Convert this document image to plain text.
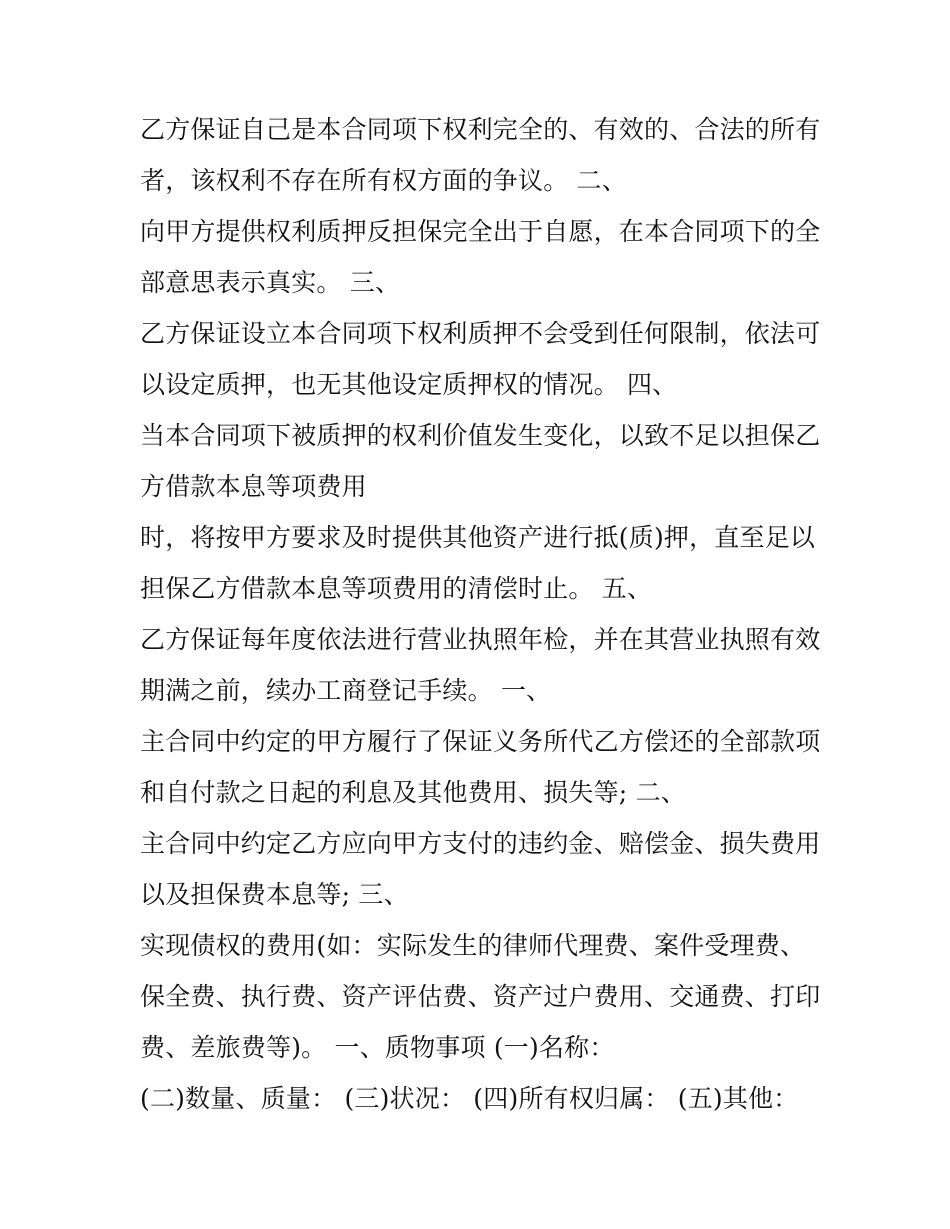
乙方保证自己是本合同项下权利完全的、有效的、合法的所有
者，该权利不存在所有权方面的争议。 二、
向甲方提供权利质押反担保完全出于自愿，在本合同项下的全
部意思表示真实。 三、
乙方保证设立本合同项下权利质押不会受到任何限制，依法可
以设定质押，也无其他设定质押权的情况。 四、
当本合同项下被质押的权利价值发生变化，以致不足以担保乙
方借款本息等项费用
时，将按甲方要求及时提供其他资产进行抵(质)押，直至足以
担保乙方借款本息等项费用的清偿时止。 五、
乙方保证每年度依法进行营业执照年检，并在其营业执照有效
期满之前，续办工商登记手续。 一、
主合同中约定的甲方履行了保证义务所代乙方偿还的全部款项
和自付款之日起的利息及其他费用、损失等; 二、
主合同中约定乙方应向甲方支付的违约金、赔偿金、损失费用
以及担保费本息等; 三、
实现债权的费用(如：实际发生的律师代理费、案件受理费、
保全费、执行费、资产评估费、资产过户费用、交通费、打印
费、差旅费等)。 一、质物事项 (一)名称：
(二)数量、质量： (三)状况： (四)所有权归属： (五)其他：
